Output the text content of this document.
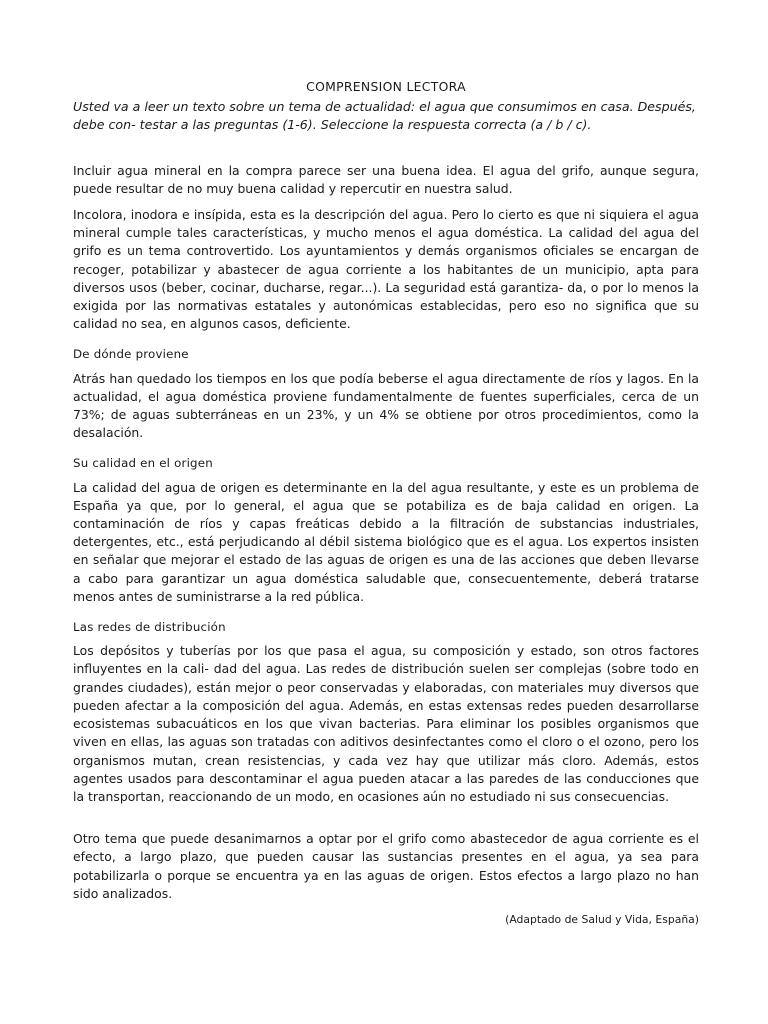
COMPRENSION LECTORA
Usted va a leer un texto sobre un tema de actualidad: el agua que consumimos en casa. Después, debe con- testar a las preguntas (1-6). Seleccione la respuesta correcta (a / b / c).

Incluir agua mineral en la compra parece ser una buena idea. El agua del grifo, aunque segura, puede resultar de no muy buena calidad y repercutir en nuestra salud.

Incolora, inodora e insípida, esta es la descripción del agua. Pero lo cierto es que ni siquiera el agua mineral cumple tales características, y mucho menos el agua doméstica. La calidad del agua del grifo es un tema controvertido. Los ayuntamientos y demás organismos oficiales se encargan de recoger, potabilizar y abastecer de agua corriente a los habitantes de un municipio, apta para diversos usos (beber, cocinar, ducharse, regar...). La seguridad está garantiza- da, o por lo menos la exigida por las normativas estatales y autonómicas establecidas, pero eso no significa que su calidad no sea, en algunos casos, deficiente.

De dónde proviene

Atrás han quedado los tiempos en los que podía beberse el agua directamente de ríos y lagos. En la actualidad, el agua doméstica proviene fundamentalmente de fuentes superficiales, cerca de un 73%; de aguas subterráneas en un 23%, y un 4% se obtiene por otros procedimientos, como la desalación.

Su calidad en el origen

La calidad del agua de origen es determinante en la del agua resultante, y este es un problema de España ya que, por lo general, el agua que se potabiliza es de baja calidad en origen. La contaminación de ríos y capas freáticas debido a la filtración de substancias industriales, detergentes, etc., está perjudicando al débil sistema biológico que es el agua. Los expertos insisten en señalar que mejorar el estado de las aguas de origen es una de las acciones que deben llevarse a cabo para garantizar un agua doméstica saludable que, consecuentemente, deberá tratarse menos antes de suministrarse a la red pública.

Las redes de distribución

Los depósitos y tuberías por los que pasa el agua, su composición y estado, son otros factores influyentes en la cali- dad del agua. Las redes de distribución suelen ser complejas (sobre todo en grandes ciudades), están mejor o peor conservadas y elaboradas, con materiales muy diversos que pueden afectar a la composición del agua. Además, en estas extensas redes pueden desarrollarse ecosistemas subacuáticos en los que vivan bacterias. Para eliminar los posibles organismos que viven en ellas, las aguas son tratadas con aditivos desinfectantes como el cloro o el ozono, pero los organismos mutan, crean resistencias, y cada vez hay que utilizar más cloro. Además, estos agentes usados para descontaminar el agua pueden atacar a las paredes de las conducciones que la transportan, reaccionando de un modo, en ocasiones aún no estudiado ni sus consecuencias.

Otro tema que puede desanimarnos a optar por el grifo como abastecedor de agua corriente es el efecto, a largo plazo, que pueden causar las sustancias presentes en el agua, ya sea para potabilizarla o porque se encuentra ya en las aguas de origen. Estos efectos a largo plazo no han sido analizados.

(Adaptado de Salud y Vida, España)
